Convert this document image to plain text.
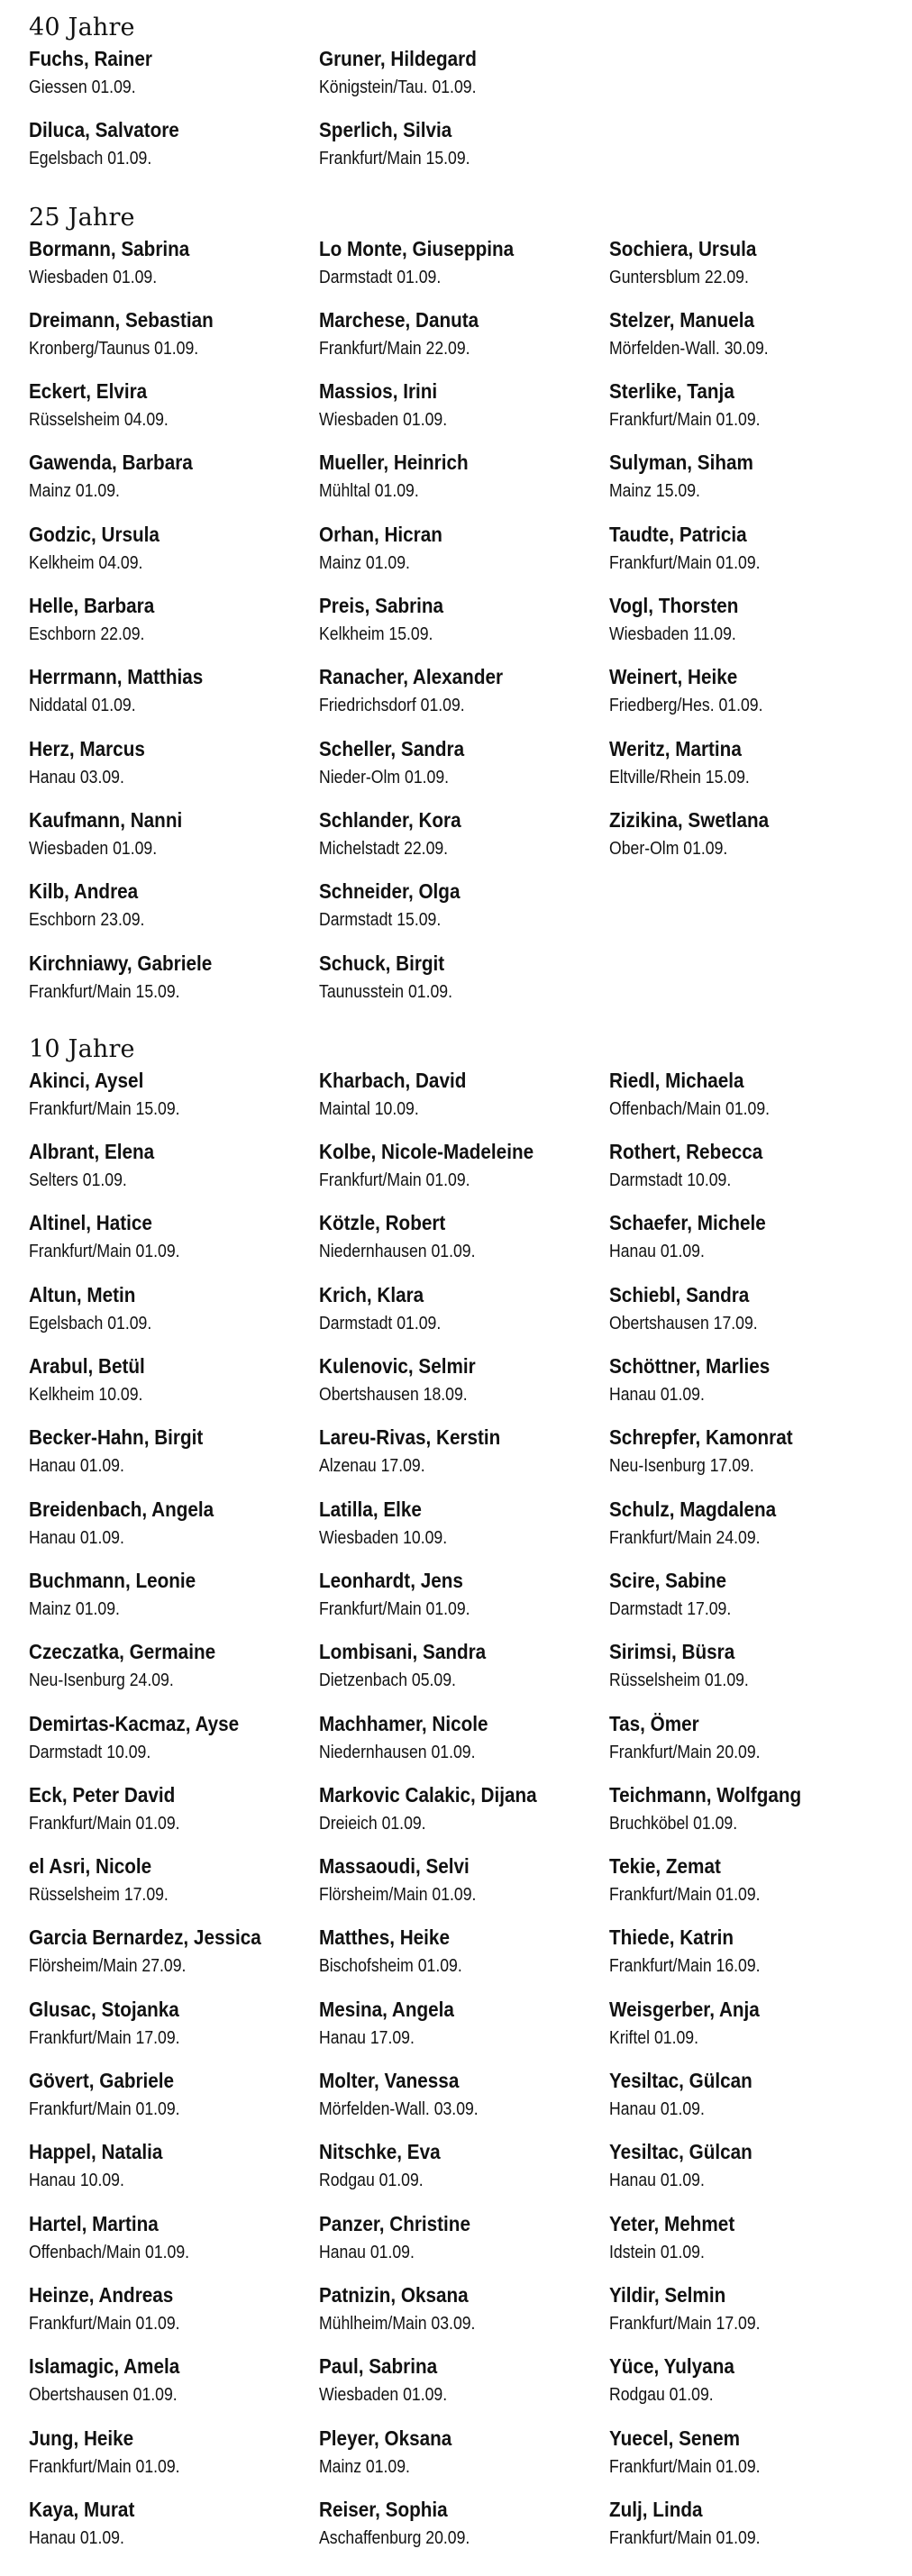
40 Jahre
Fuchs, Rainer
Giessen 01.09.
Gruner, Hildegard
Königstein/Tau. 01.09.
Diluca, Salvatore
Egelsbach 01.09.
Sperlich, Silvia
Frankfurt/Main 15.09.
25 Jahre
Bormann, Sabrina
Wiesbaden 01.09.
Lo Monte, Giuseppina
Darmstadt 01.09.
Sochiera, Ursula
Guntersblum 22.09.
Dreimann, Sebastian
Kronberg/Taunus 01.09.
Marchese, Danuta
Frankfurt/Main 22.09.
Stelzer, Manuela
Mörfelden-Wall. 30.09.
Eckert, Elvira
Rüsselsheim 04.09.
Massios, Irini
Wiesbaden 01.09.
Sterlike, Tanja
Frankfurt/Main 01.09.
Gawenda, Barbara
Mainz 01.09.
Mueller, Heinrich
Mühltal 01.09.
Sulyman, Siham
Mainz 15.09.
Godzic, Ursula
Kelkheim 04.09.
Orhan, Hicran
Mainz 01.09.
Taudte, Patricia
Frankfurt/Main 01.09.
Helle, Barbara
Eschborn 22.09.
Preis, Sabrina
Kelkheim 15.09.
Vogl, Thorsten
Wiesbaden 11.09.
Herrmann, Matthias
Niddatal 01.09.
Ranacher, Alexander
Friedrichsdorf 01.09.
Weinert, Heike
Friedberg/Hes. 01.09.
Herz, Marcus
Hanau 03.09.
Scheller, Sandra
Nieder-Olm 01.09.
Weritz, Martina
Eltville/Rhein 15.09.
Kaufmann, Nanni
Wiesbaden 01.09.
Schlander, Kora
Michelstadt 22.09.
Zizikina, Swetlana
Ober-Olm 01.09.
Kilb, Andrea
Eschborn 23.09.
Schneider, Olga
Darmstadt 15.09.
Kirchniawy, Gabriele
Frankfurt/Main 15.09.
Schuck, Birgit
Taunusstein 01.09.
10 Jahre
Akinci, Aysel
Frankfurt/Main 15.09.
Kharbach, David
Maintal 10.09.
Riedl, Michaela
Offenbach/Main 01.09.
Albrant, Elena
Selters 01.09.
Kolbe, Nicole-Madeleine
Frankfurt/Main 01.09.
Rothert, Rebecca
Darmstadt 10.09.
Altinel, Hatice
Frankfurt/Main 01.09.
Kötzle, Robert
Niedernhausen 01.09.
Schaefer, Michele
Hanau 01.09.
Altun, Metin
Egelsbach 01.09.
Krich, Klara
Darmstadt 01.09.
Schiebl, Sandra
Obertshausen 17.09.
Arabul, Betül
Kelkheim 10.09.
Kulenovic, Selmir
Obertshausen 18.09.
Schöttner, Marlies
Hanau 01.09.
Becker-Hahn, Birgit
Hanau 01.09.
Lareu-Rivas, Kerstin
Alzenau 17.09.
Schrepfer, Kamonrat
Neu-Isenburg 17.09.
Breidenbach, Angela
Hanau 01.09.
Latilla, Elke
Wiesbaden 10.09.
Schulz, Magdalena
Frankfurt/Main 24.09.
Buchmann, Leonie
Mainz 01.09.
Leonhardt, Jens
Frankfurt/Main 01.09.
Scire, Sabine
Darmstadt 17.09.
Czeczatka, Germaine
Neu-Isenburg 24.09.
Lombisani, Sandra
Dietzenbach 05.09.
Sirimsi, Büsra
Rüsselsheim 01.09.
Demirtas-Kacmaz, Ayse
Darmstadt 10.09.
Machhamer, Nicole
Niedernhausen 01.09.
Tas, Ömer
Frankfurt/Main 20.09.
Eck, Peter David
Frankfurt/Main 01.09.
Markovic Calakic, Dijana
Dreieich 01.09.
Teichmann, Wolfgang
Bruchköbel 01.09.
el Asri, Nicole
Rüsselsheim 17.09.
Massaoudi, Selvi
Flörsheim/Main 01.09.
Tekie, Zemat
Frankfurt/Main 01.09.
Garcia Bernardez, Jessica
Flörsheim/Main 27.09.
Matthes, Heike
Bischofsheim 01.09.
Thiede, Katrin
Frankfurt/Main 16.09.
Glusac, Stojanka
Frankfurt/Main 17.09.
Mesina, Angela
Hanau 17.09.
Weisgerber, Anja
Kriftel 01.09.
Gövert, Gabriele
Frankfurt/Main 01.09.
Molter, Vanessa
Mörfelden-Wall. 03.09.
Yesiltac, Gülcan
Hanau 01.09.
Happel, Natalia
Hanau 10.09.
Nitschke, Eva
Rodgau 01.09.
Yesiltac, Gülcan
Hanau 01.09.
Hartel, Martina
Offenbach/Main 01.09.
Panzer, Christine
Hanau 01.09.
Yeter, Mehmet
Idstein 01.09.
Heinze, Andreas
Frankfurt/Main 01.09.
Patnizin, Oksana
Mühlheim/Main 03.09.
Yildir, Selmin
Frankfurt/Main 17.09.
Islamagic, Amela
Obertshausen 01.09.
Paul, Sabrina
Wiesbaden 01.09.
Yüce, Yulyana
Rodgau 01.09.
Jung, Heike
Frankfurt/Main 01.09.
Pleyer, Oksana
Mainz 01.09.
Yuecel, Senem
Frankfurt/Main 01.09.
Kaya, Murat
Hanau 01.09.
Reiser, Sophia
Aschaffenburg 20.09.
Zulj, Linda
Frankfurt/Main 01.09.
